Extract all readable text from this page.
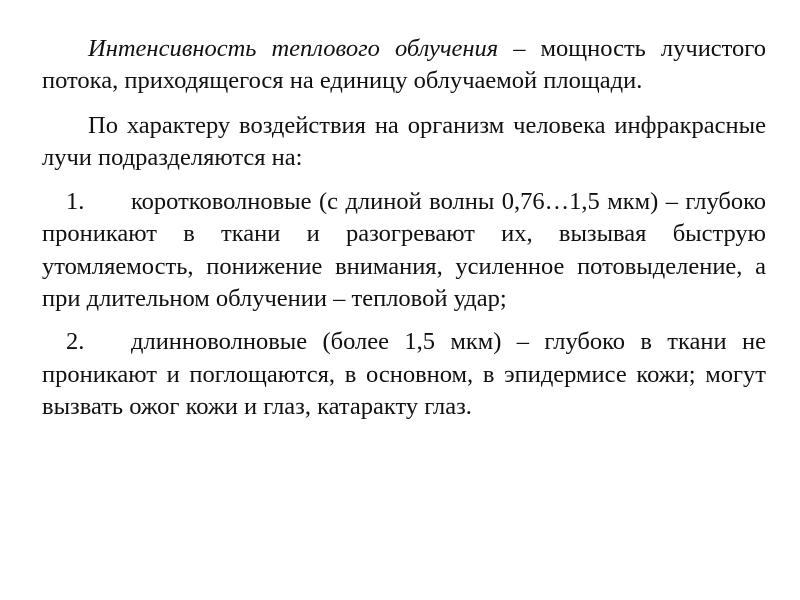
Интенсивность теплового облучения – мощность лучистого потока, приходящегося на единицу облучаемой площади.

По характеру воздействия на организм человека инфракрасные лучи подразделяются на:

1. коротковолновые (с длиной волны 0,76…1,5 мкм) – глубоко проникают в ткани и разогревают их, вызывая быструю утомляемость, понижение внимания, усиленное потовыделение, а при длительном облучении – тепловой удар;

2. длинноволновые (более 1,5 мкм) – глубоко в ткани не проникают и поглощаются, в основном, в эпидермисе кожи; могут вызвать ожог кожи и глаз, катаракту глаз.
